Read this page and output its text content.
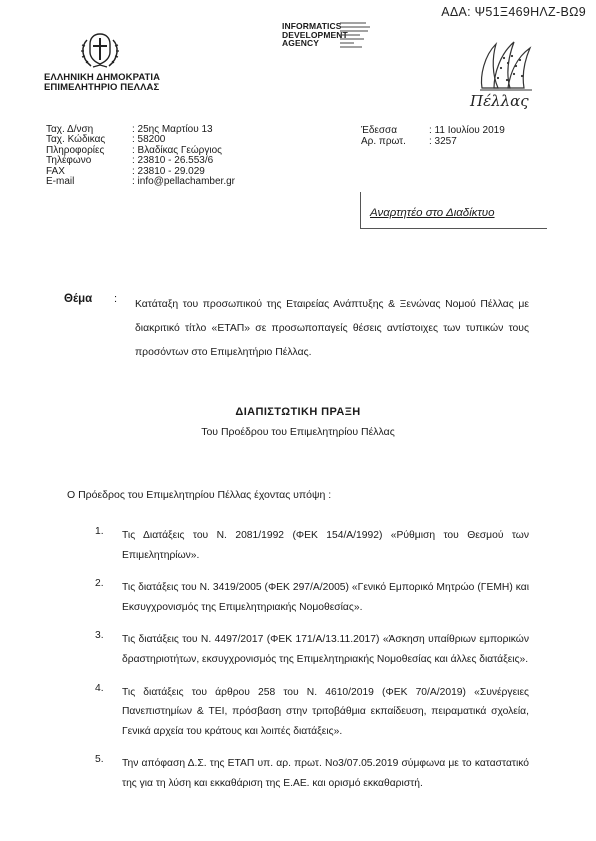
ΑΔΑ: Ψ51Ξ469ΗΛΖ-ΒΩ9
ΕΛΛΗΝΙΚΗ ΔΗΜΟΚΡΑΤΙΑ
ΕΠΙΜΕΛΗΤΗΡΙΟ ΠΕΛΛΑΣ
INFORMATICS
DEVELOPMENT
AGENCY
Πέλλας
Ταχ. Δ/νση	: 25ης Μαρτίου 13
Ταχ. Κώδικας	: 58200
Πληροφορίες	: Βλαδίκας Γεώργιος
Τηλέφωνο	: 23810 - 26.553/6
FAX	: 23810 - 29.029
E-mail	: info@pellachamber.gr
Έδεσσα	: 11 Ιουλίου 2019
Αρ. πρωτ.	: 3257
Αναρτητέο στο Διαδίκτυο
Θέμα : Κατάταξη του προσωπικού της Εταιρείας Ανάπτυξης & Ξενώνας Νομού Πέλλας με διακριτικό τίτλο «ΕΤΑΠ» σε προσωποπαγείς θέσεις αντίστοιχες των τυπικών τους προσόντων στο Επιμελητήριο Πέλλας.
ΔΙΑΠΙΣΤΩΤΙΚΗ ΠΡΑΞΗ
Του Προέδρου του Επιμελητηρίου Πέλλας
Ο Πρόεδρος του Επιμελητηρίου Πέλλας έχοντας υπόψη :
1.	Τις Διατάξεις του Ν. 2081/1992 (ΦΕΚ 154/Α/1992) «Ρύθμιση του Θεσμού των Επιμελητηρίων».
2.	Τις διατάξεις του Ν. 3419/2005 (ΦΕΚ 297/Α/2005) «Γενικό Εμπορικό Μητρώο (ΓΕΜΗ) και Εκσυγχρονισμός της Επιμελητηριακής Νομοθεσίας».
3.	Τις διατάξεις του Ν. 4497/2017 (ΦΕΚ 171/Α/13.11.2017) «Άσκηση υπαίθριων εμπορικών δραστηριοτήτων, εκσυγχρονισμός της Επιμελητηριακής Νομοθεσίας και άλλες διατάξεις».
4.	Τις διατάξεις του άρθρου 258 του Ν. 4610/2019 (ΦΕΚ 70/Α/2019) «Συνέργειες Πανεπιστημίων & ΤΕΙ, πρόσβαση στην τριτοβάθμια εκπαίδευση, πειραματικά σχολεία, Γενικά αρχεία του κράτους και λοιπές διατάξεις».
5.	Την απόφαση Δ.Σ. της ΕΤΑΠ υπ. αρ. πρωτ. Νο3/07.05.2019 σύμφωνα με το καταστατικό της για τη λύση και εκκαθάριση της Ε.ΑΕ. και ορισμό εκκαθαριστή.
